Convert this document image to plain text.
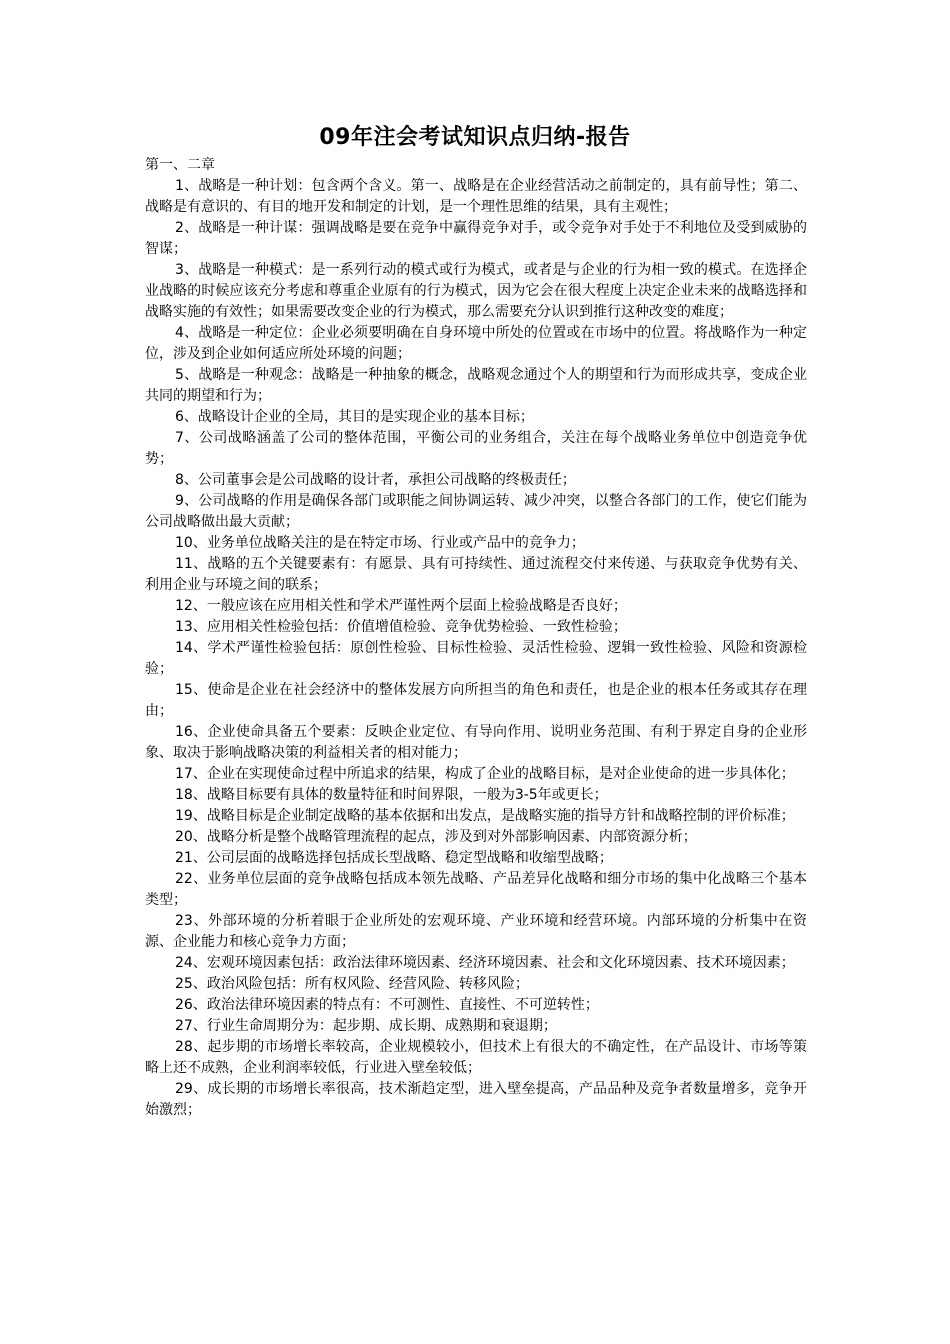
09年注会考试知识点归纳-报告
第一、二章

1、战略是一种计划：包含两个含义。第一、战略是在企业经营活动之前制定的，具有前导性；第二、战略是有意识的、有目的地开发和制定的计划，是一个理性思维的结果，具有主观性；

2、战略是一种计谋：强调战略是要在竞争中赢得竞争对手，或令竞争对手处于不利地位及受到威胁的智谋；

3、战略是一种模式：是一系列行动的模式或行为模式，或者是与企业的行为相一致的模式。在选择企业战略的时候应该充分考虑和尊重企业原有的行为模式，因为它会在很大程度上决定企业未来的战略选择和战略实施的有效性；如果需要改变企业的行为模式，那么需要充分认识到推行这种改变的难度；

4、战略是一种定位：企业必须要明确在自身环境中所处的位置或在市场中的位置。将战略作为一种定位，涉及到企业如何适应所处环境的问题；

5、战略是一种观念：战略是一种抽象的概念，战略观念通过个人的期望和行为而形成共享，变成企业共同的期望和行为；

6、战略设计企业的全局，其目的是实现企业的基本目标；

7、公司战略涵盖了公司的整体范围，平衡公司的业务组合，关注在每个战略业务单位中创造竞争优势；

8、公司董事会是公司战略的设计者，承担公司战略的终极责任；

9、公司战略的作用是确保各部门或职能之间协调运转、减少冲突，以整合各部门的工作，使它们能为公司战略做出最大贡献；

10、业务单位战略关注的是在特定市场、行业或产品中的竞争力；

11、战略的五个关键要素有：有愿景、具有可持续性、通过流程交付来传递、与获取竞争优势有关、利用企业与环境之间的联系；

12、一般应该在应用相关性和学术严谨性两个层面上检验战略是否良好；

13、应用相关性检验包括：价值增值检验、竞争优势检验、一致性检验；

14、学术严谨性检验包括：原创性检验、目标性检验、灵活性检验、逻辑一致性检验、风险和资源检验；

15、使命是企业在社会经济中的整体发展方向所担当的角色和责任，也是企业的根本任务或其存在理由；

16、企业使命具备五个要素：反映企业定位、有导向作用、说明业务范围、有利于界定自身的企业形象、取决于影响战略决策的利益相关者的相对能力；

17、企业在实现使命过程中所追求的结果，构成了企业的战略目标，是对企业使命的进一步具体化；

18、战略目标要有具体的数量特征和时间界限，一般为3-5年或更长；

19、战略目标是企业制定战略的基本依据和出发点，是战略实施的指导方针和战略控制的评价标准；

20、战略分析是整个战略管理流程的起点，涉及到对外部影响因素、内部资源分析；

21、公司层面的战略选择包括成长型战略、稳定型战略和收缩型战略；

22、业务单位层面的竞争战略包括成本领先战略、产品差异化战略和细分市场的集中化战略三个基本类型；

23、外部环境的分析着眼于企业所处的宏观环境、产业环境和经营环境。内部环境的分析集中在资源、企业能力和核心竞争力方面；

24、宏观环境因素包括：政治法律环境因素、经济环境因素、社会和文化环境因素、技术环境因素；

25、政治风险包括：所有权风险、经营风险、转移风险；

26、政治法律环境因素的特点有：不可测性、直接性、不可逆转性；

27、行业生命周期分为：起步期、成长期、成熟期和衰退期；

28、起步期的市场增长率较高，企业规模较小，但技术上有很大的不确定性，在产品设计、市场等策略上还不成熟，企业利润率较低，行业进入壁垒较低；

29、成长期的市场增长率很高，技术渐趋定型，进入壁垒提高，产品品种及竞争者数量增多，竞争开始激烈；
